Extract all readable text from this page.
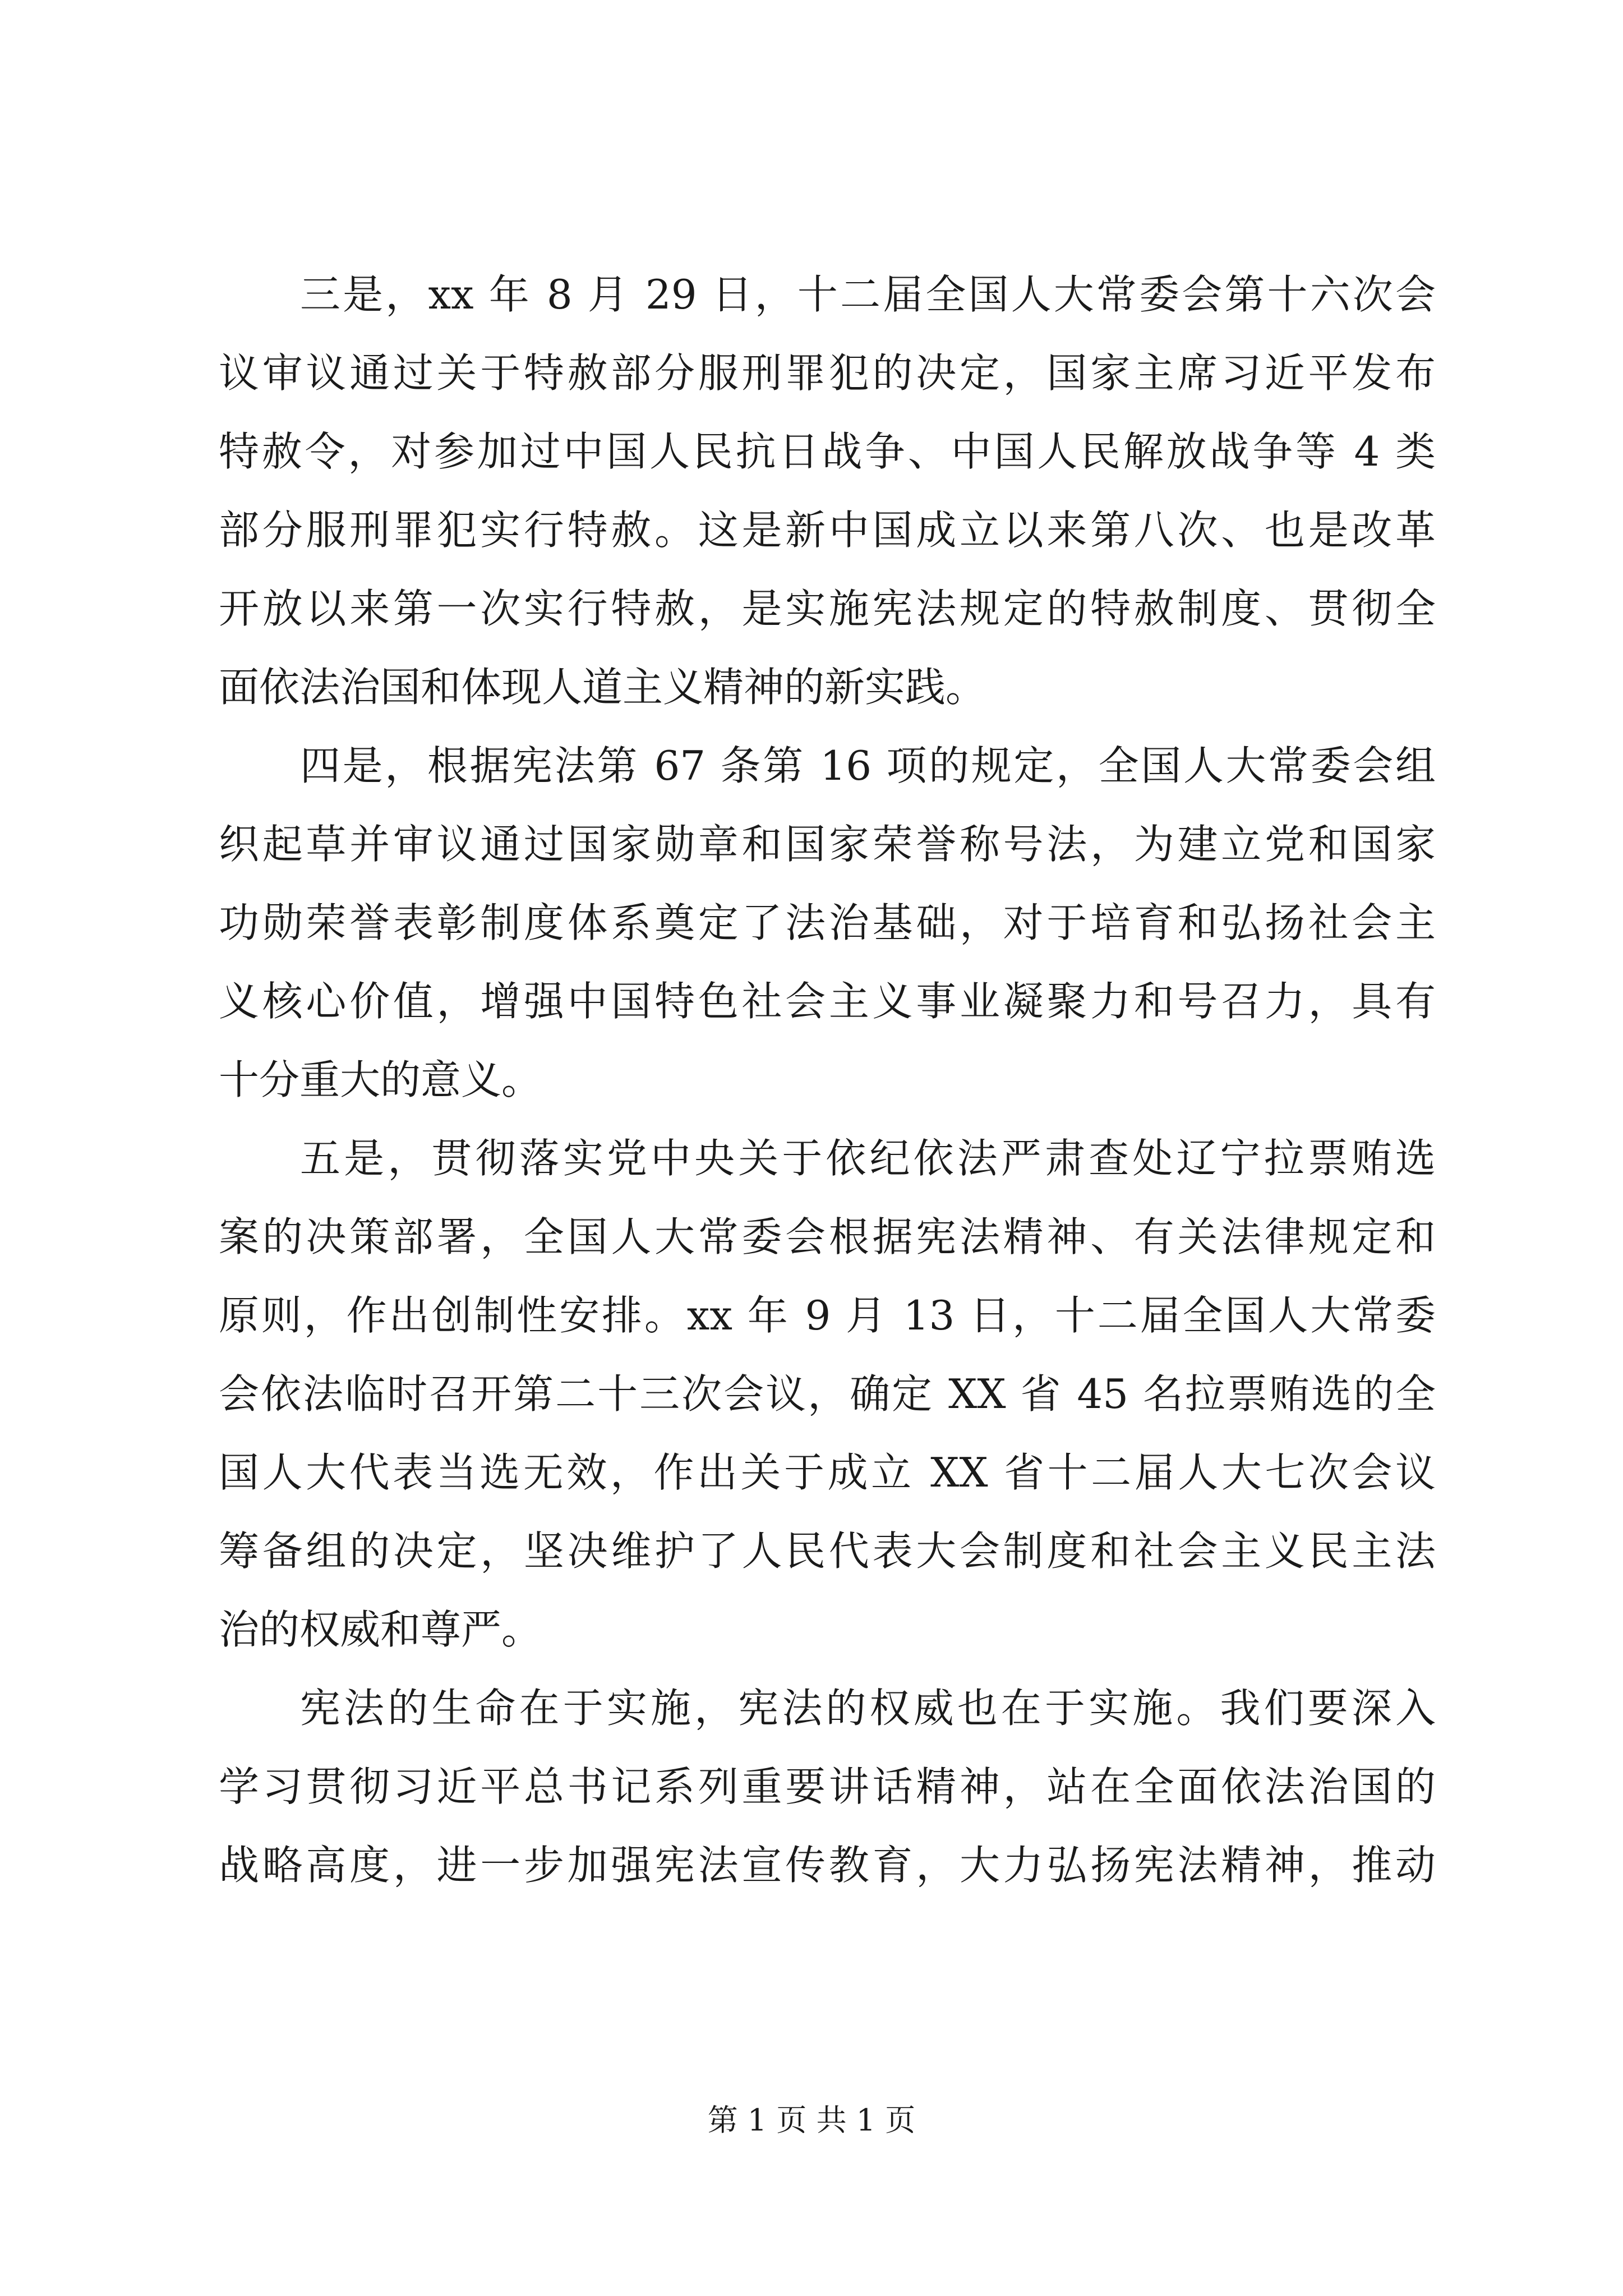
三是，xx 年 8 月 29 日，十二届全国人大常委会第十六次会
议审议通过关于特赦部分服刑罪犯的决定，国家主席习近平发布
特赦令，对参加过中国人民抗日战争、中国人民解放战争等 4 类
部分服刑罪犯实行特赦。这是新中国成立以来第八次、也是改革
开放以来第一次实行特赦，是实施宪法规定的特赦制度、贯彻全
面依法治国和体现人道主义精神的新实践。
四是，根据宪法第 67 条第 16 项的规定，全国人大常委会组
织起草并审议通过国家勋章和国家荣誉称号法，为建立党和国家
功勋荣誉表彰制度体系奠定了法治基础，对于培育和弘扬社会主
义核心价值，增强中国特色社会主义事业凝聚力和号召力，具有
十分重大的意义。
五是，贯彻落实党中央关于依纪依法严肃查处辽宁拉票贿选
案的决策部署，全国人大常委会根据宪法精神、有关法律规定和
原则，作出创制性安排。xx 年 9 月 13 日，十二届全国人大常委
会依法临时召开第二十三次会议，确定 XX 省 45 名拉票贿选的全
国人大代表当选无效，作出关于成立 XX 省十二届人大七次会议
筹备组的决定，坚决维护了人民代表大会制度和社会主义民主法
治的权威和尊严。
宪法的生命在于实施，宪法的权威也在于实施。我们要深入
学习贯彻习近平总书记系列重要讲话精神，站在全面依法治国的
战略高度，进一步加强宪法宣传教育，大力弘扬宪法精神，推动
第 1 页 共 1 页
